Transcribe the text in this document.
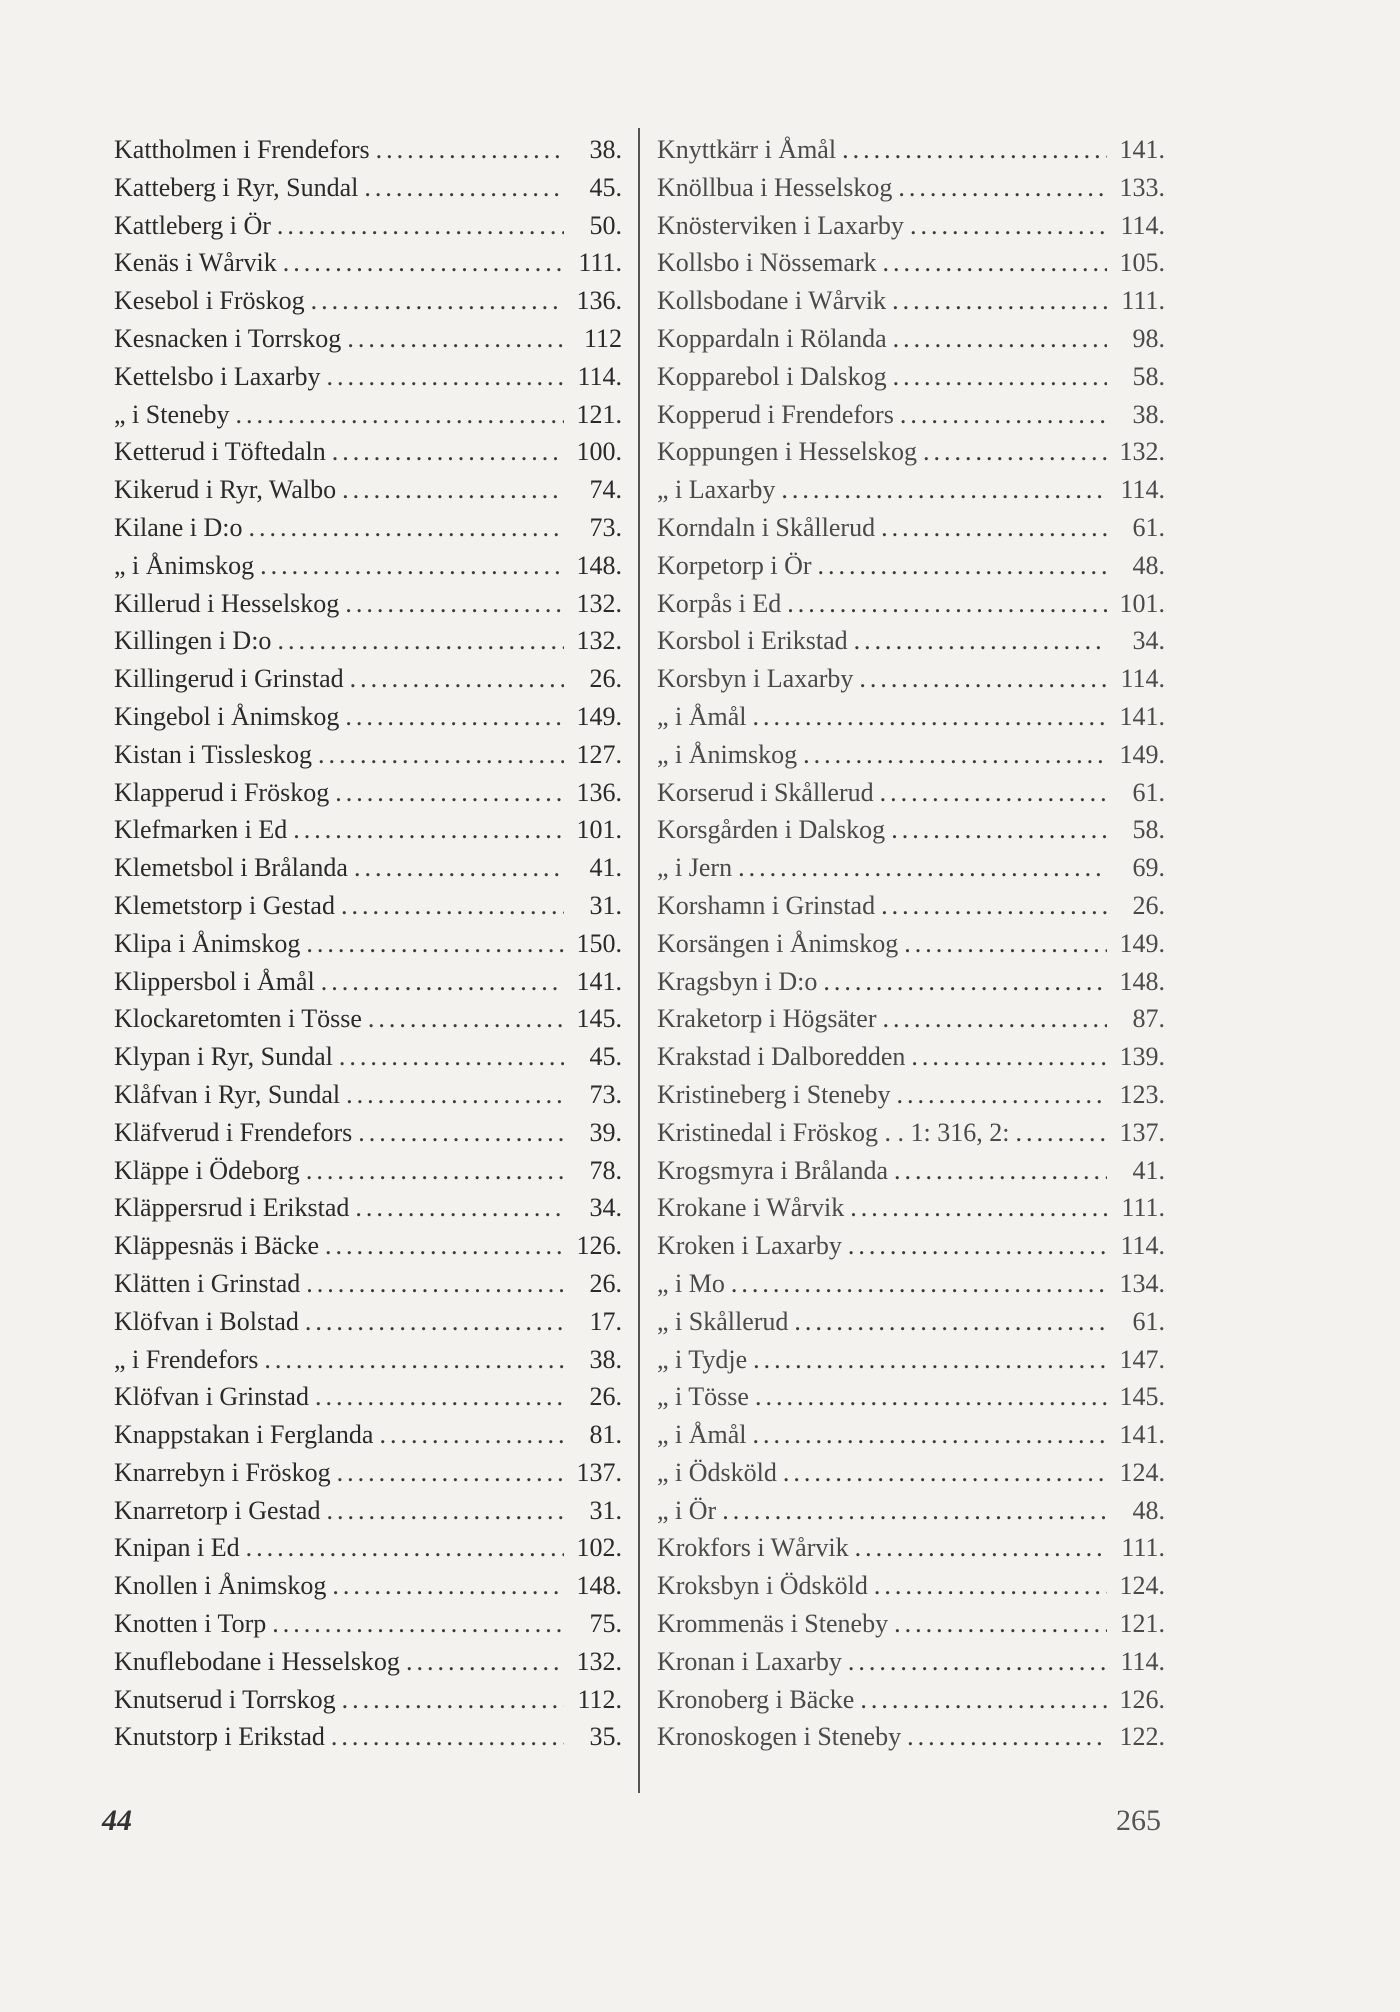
Kattholmen i Frendefors .....	38.
Katteberg i Ryr, Sundal .....	45.
Kattleberg i Ör .....	50.
Kenäs i Wårvik .....	111.
Kesebol i Fröskog .....	136.
Kesnacken i Torrskog .....	112
Kettelsbo i Laxarby .....	114.
„ i Steneby .....	121.
Ketterud i Töftedaln .....	100.
Kikerud i Ryr, Walbo .....	74.
Kilane i D:o .....	73.
„ i Ånimskog .....	148.
Killerud i Hesselskog .....	132.
Killingen i D:o .....	132.
Killingerud i Grinstad .....	26.
Kingebol i Ånimskog .....	149.
Kistan i Tissleskog .....	127.
Klapperud i Fröskog .....	136.
Klefmarken i Ed .....	101.
Klemetsbol i Brålanda .....	41.
Klemetstorp i Gestad .....	31.
Klipa i Ånimskog .....	150.
Klippersbol i Åmål .....	141.
Klockaretomten i Tösse .....	145.
Klypan i Ryr, Sundal .....	45.
Klåfvan i Ryr, Sundal .....	73.
Kläfverud i Frendefors .....	39.
Kläppe i Ödeborg .....	78.
Kläppersrud i Erikstad .....	34.
Kläppesnäs i Bäcke .....	126.
Klätten i Grinstad .....	26.
Klöfvan i Bolstad .....	17.
„ i Frendefors .....	38.
Klöfvan i Grinstad .....	26.
Knappstakan i Ferglanda .....	81.
Knarrebyn i Fröskog .....	137.
Knarretorp i Gestad .....	31.
Knipan i Ed .....	102.
Knollen i Ånimskog .....	148.
Knotten i Torp .....	75.
Knuflebodane i Hesselskog .....	132.
Knutserud i Torrskog .....	112.
Knutstorp i Erikstad .....	35.
Knyttkärr i Åmål .....	141.
Knöllbua i Hesselskog .....	133.
Knösterviken i Laxarby .....	114.
Kollsbo i Nössemark .....	105.
Kollsbodane i Wårvik .....	111.
Koppardaln i Rölanda .....	98.
Kopparebol i Dalskog .....	58.
Kopperud i Frendefors .....	38.
Koppungen i Hesselskog .....	132.
„ i Laxarby .....	114.
Korndaln i Skållerud .....	61.
Korpetorp i Ör .....	48.
Korpås i Ed .....	101.
Korsbol i Erikstad .....	34.
Korsbyn i Laxarby .....	114.
„ i Åmål .....	141.
„ i Ånimskog .....	149.
Korserud i Skållerud .....	61.
Korsgården i Dalskog .....	58.
„ i Jern .....	69.
Korshamn i Grinstad .....	26.
Korsängen i Ånimskog .....	149.
Kragsbyn i D:o .....	148.
Kraketorp i Högsäter .....	87.
Krakstad i Dalboredden .....	139.
Kristineberg i Steneby .....	123.
Kristinedal i Fröskog . . 1: 316, 2: .....	137.
Krogsmyra i Brålanda .....	41.
Krokane i Wårvik .....	111.
Kroken i Laxarby .....	114.
„ i Mo .....	134.
„ i Skållerud .....	61.
„ i Tydje .....	147.
„ i Tösse .....	145.
„ i Åmål .....	141.
„ i Ödsköld .....	124.
„ i Ör .....	48.
Krokfors i Wårvik .....	111.
Kroksbyn i Ödsköld .....	124.
Krommenäs i Steneby .....	121.
Kronan i Laxarby .....	114.
Kronoberg i Bäcke .....	126.
Kronoskogen i Steneby .....	122.
44	265
